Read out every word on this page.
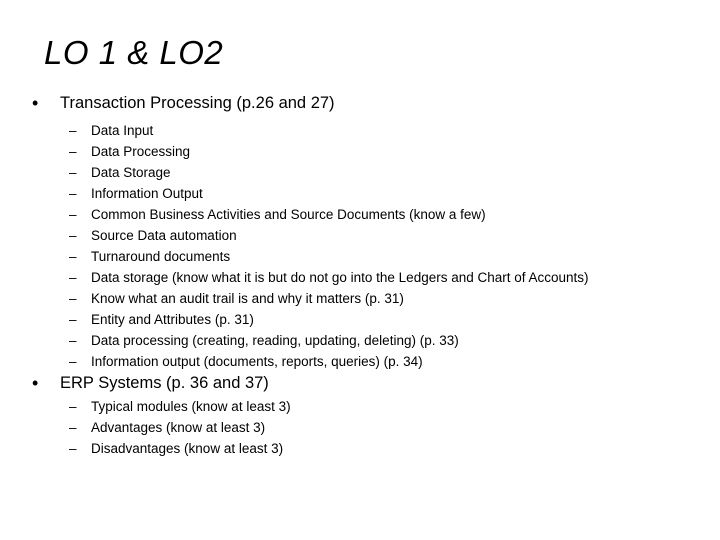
LO 1 & LO2
• Transaction Processing (p.26 and 27)
– Data Input
– Data Processing
– Data Storage
– Information Output
– Common Business Activities and Source Documents (know a few)
– Source Data automation
– Turnaround documents
– Data storage (know what it is but do not go into the Ledgers and Chart of Accounts)
– Know what an audit trail is and why it matters (p. 31)
– Entity and Attributes (p. 31)
– Data processing (creating, reading, updating, deleting) (p. 33)
– Information output (documents, reports, queries) (p. 34)
• ERP Systems (p. 36 and 37)
– Typical modules (know at least 3)
– Advantages (know at least 3)
– Disadvantages (know at least 3)
